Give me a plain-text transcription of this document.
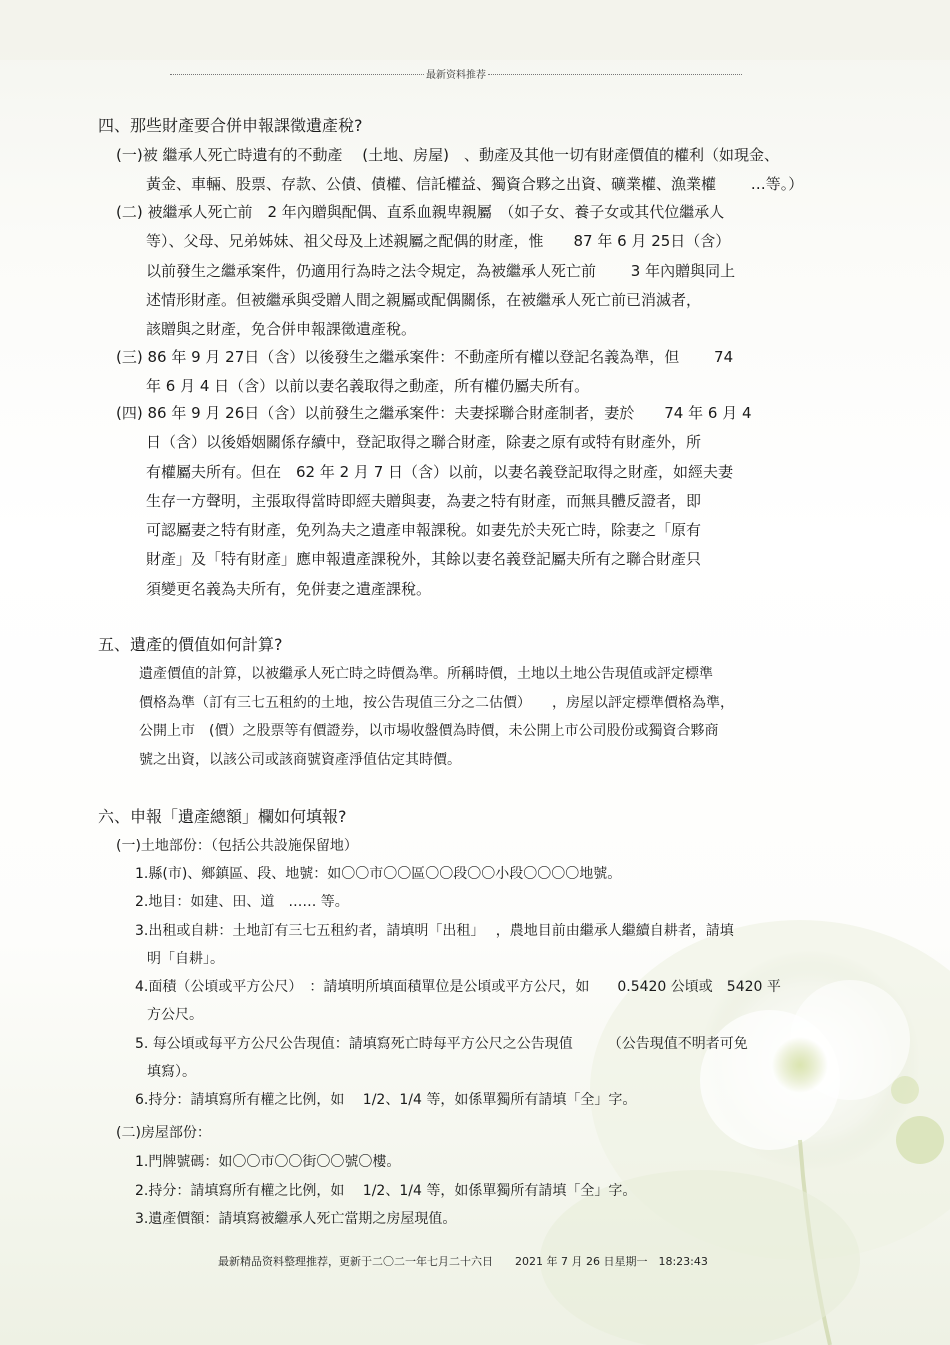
最新资料推荐
四、那些財產要合併申報課徵遺產稅?
(一)被 繼承人死亡時遺有的不動產　 (土地、房屋)　、動產及其他一切有財產價值的權利（如現金、
黃金、車輛、股票、存款、公債、債權、信託權益、獨資合夥之出資、礦業權、漁業權　　 …等。）
(二) 被繼承人死亡前　2 年內贈與配偶、直系血親卑親屬　（如子女、養子女或其代位繼承人
等）、父母、兄弟姊妹、祖父母及上述親屬之配偶的財產，惟　　87 年 6 月 25日（含）
以前發生之繼承案件，仍適用行為時之法令規定，為被繼承人死亡前　　 3 年內贈與同上
述情形財產。但被繼承與受贈人間之親屬或配偶關係，在被繼承人死亡前已消滅者，
該贈與之財產，免合併申報課徵遺產稅。
(三) 86 年 9 月 27日（含）以後發生之繼承案件：不動產所有權以登記名義為準，但　　 74
年 6 月 4 日（含）以前以妻名義取得之動產，所有權仍屬夫所有。
(四) 86 年 9 月 26日（含）以前發生之繼承案件：夫妻採聯合財產制者，妻於　　74 年 6 月 4
日（含）以後婚姻關係存續中，登記取得之聯合財產，除妻之原有或特有財產外，所
有權屬夫所有。但在　62 年 2 月 7 日（含）以前，以妻名義登記取得之財產，如經夫妻
生存一方聲明，主張取得當時即經夫贈與妻，為妻之特有財產，而無具體反證者，即
可認屬妻之特有財產，免列為夫之遺產申報課稅。如妻先於夫死亡時，除妻之「原有
財產」及「特有財產」應申報遺產課稅外，其餘以妻名義登記屬夫所有之聯合財產只
須變更名義為夫所有，免併妻之遺產課稅。
五、遺產的價值如何計算?
遺產價值的計算，以被繼承人死亡時之時價為準。所稱時價，土地以土地公告現值或評定標準
價格為準（訂有三七五租約的土地，按公告現值三分之二估價）　　，房屋以評定標準價格為準，
公開上市　(價）之股票等有價證券，以市場收盤價為時價，未公開上市公司股份或獨資合夥商
號之出資，以該公司或該商號資產淨值估定其時價。
六、申報「遺產總額」欄如何填報?
(一)土地部份：（包括公共設施保留地）
1.縣(市)、鄉鎮區、段、地號：如〇〇市〇〇區〇〇段〇〇小段〇〇〇〇地號。
2.地目：如建、田、道　…… 等。
3.出租或自耕：土地訂有三七五租約者，請填明「出租」　 ，農地目前由繼承人繼續自耕者，請填
明「自耕」。
4.面積（公頃或平方公尺）　：請填明所填面積單位是公頃或平方公尺，如　　0.5420 公頃或　5420 平
方公尺。
5. 每公頃或每平方公尺公告現值：請填寫死亡時每平方公尺之公告現值　　　（公告現值不明者可免
填寫）。
6.持分：請填寫所有權之比例，如　 1/2、1/4 等，如係單獨所有請填「全」字。
(二)房屋部份：
1.門牌號碼：如〇〇市〇〇街〇〇號〇樓。
2.持分：請填寫所有權之比例，如　 1/2、1/4 等，如係單獨所有請填「全」字。
3.遺產價額：請填寫被繼承人死亡當期之房屋現值。
最新精品资料整理推荐，更新于二〇二一年七月二十六日　　2021 年 7 月 26 日星期一　18:23:43
